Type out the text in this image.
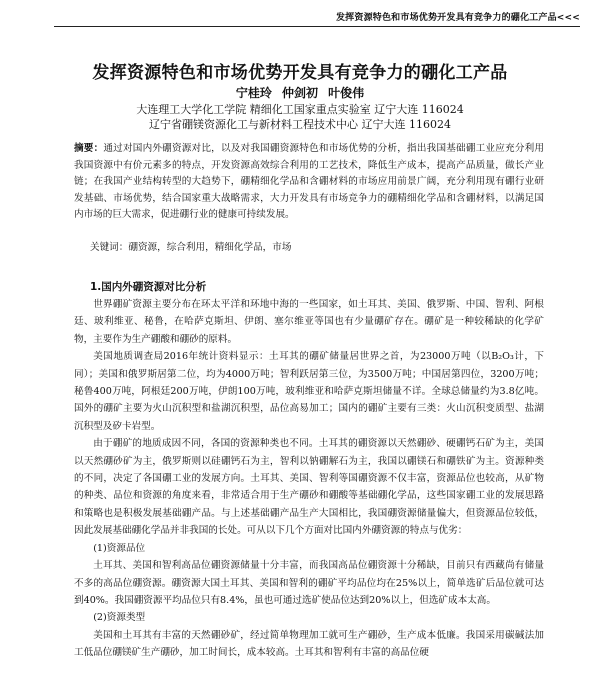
发挥资源特色和市场优势开发具有竞争力的硼化工产品<<<
发挥资源特色和市场优势开发具有竞争力的硼化工产品
宁桂玲 仲剑初 叶俊伟
大连理工大学化工学院 精细化工国家重点实验室 辽宁大连 116024
辽宁省硼镁资源化工与新材料工程技术中心 辽宁大连 116024
摘要：通过对国内外硼资源对比，以及对我国硼资源特色和市场优势的分析，指出我国基础硼工业应充分利用我国资源中有价元素多的特点，开发资源高效综合利用的工艺技术，降低生产成本，提高产品质量，做长产业链；在我国产业结构转型的大趋势下，硼精细化学品和含硼材料的市场应用前景广阔，充分利用现有硼行业研发基础、市场优势，结合国家重大战略需求，大力开发具有市场竞争力的硼精细化学品和含硼材料，以满足国内市场的巨大需求，促进硼行业的健康可持续发展。
关键词：硼资源，综合利用，精细化学品，市场
1.国内外硼资源对比分析

世界硼矿资源主要分布在环太平洋和环地中海的一些国家，如土耳其、美国、俄罗斯、中国、智利、阿根廷、玻利维亚、秘鲁，在哈萨克斯坦、伊朗、塞尔维亚等国也有少量硼矿存在。硼矿是一种较稀缺的化学矿物，主要作为生产硼酸和硼砂的原料。

美国地质调查局2016年统计资料显示：土耳其的硼矿储量居世界之首，为23000万吨（以B₂O₃计，下同）；美国和俄罗斯居第二位，均为4000万吨；智利跃居第三位，为3500万吨；中国居第四位，3200万吨；秘鲁400万吨，阿根廷200万吨，伊朗100万吨，玻利维亚和哈萨克斯坦储量不详。全球总储量约为3.8亿吨。国外的硼矿主要为火山沉积型和盐湖沉积型，品位高易加工；国内的硼矿主要有三类：火山沉积变质型、盐湖沉积型及矽卡岩型。

由于硼矿的地质成因不同，各国的资源种类也不同。土耳其的硼资源以天然硼砂、硬硼钙石矿为主，美国以天然硼砂矿为主，俄罗斯则以硅硼钙石为主，智利以钠硼解石为主，我国以硼镁石和硼铁矿为主。资源种类的不同，决定了各国硼工业的发展方向。土耳其、美国、智利等国硼资源不仅丰富，资源品位也较高，从矿物的种类、品位和资源的角度来看，非常适合用于生产硼砂和硼酸等基础硼化学品，这些国家硼工业的发展思路和策略也是积极发展基础硼产品。与上述基础硼产品生产大国相比，我国硼资源储量偏大，但资源品位较低，因此发展基础硼化学品并非我国的长处。可从以下几个方面对比国内外硼资源的特点与优劣：

(1)资源品位

土耳其、美国和智利高品位硼资源储量十分丰富，而我国高品位硼资源十分稀缺，目前只有西藏尚有储量不多的高品位硼资源。硼资源大国土耳其、美国和智利的硼矿平均品位均在25%以上，简单选矿后品位就可达到40%。我国硼资源平均品位只有8.4%，虽也可通过选矿使品位达到20%以上，但选矿成本太高。

(2)资源类型

美国和土耳其有丰富的天然硼砂矿，经过简单物理加工就可生产硼砂，生产成本低廉。我国采用碳碱法加工低品位硼镁矿生产硼砂，加工时间长，成本较高。土耳其和智利有丰富的高品位硬
